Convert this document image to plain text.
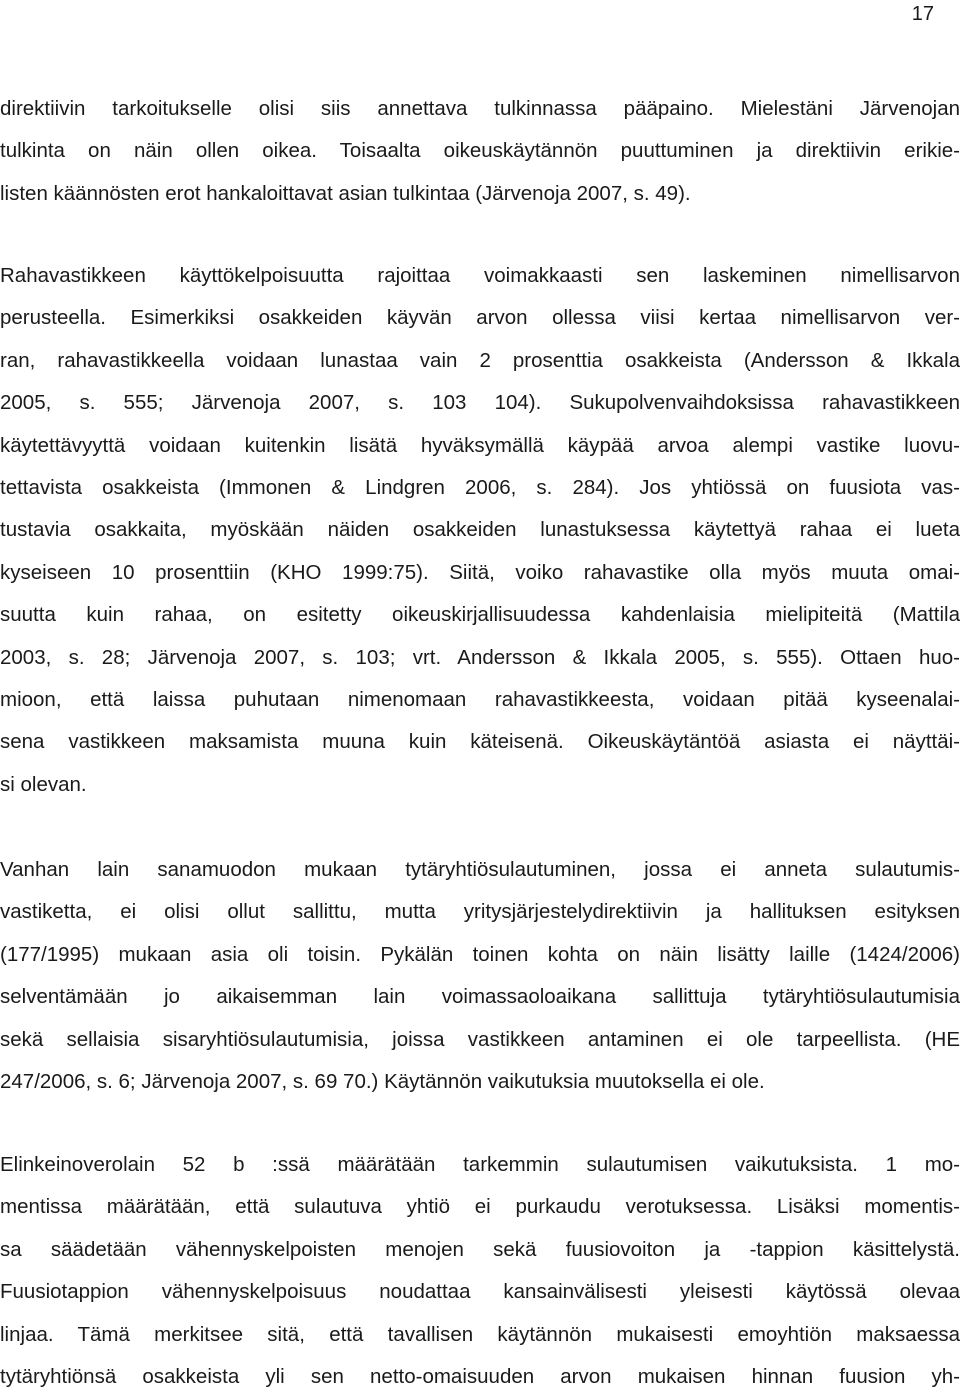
17
direktiivin tarkoitukselle olisi siis annettava tulkinnassa pääpaino. Mielestäni Järvenojan
tulkinta on näin ollen oikea. Toisaalta oikeuskäytännön puuttuminen ja direktiivin erikie-
listen käännösten erot hankaloittavat asian tulkintaa (Järvenoja 2007, s. 49).
Rahavastikkeen käyttökelpoisuutta rajoittaa voimakkaasti sen laskeminen nimellisarvon
perusteella. Esimerkiksi osakkeiden käyvän arvon ollessa viisi kertaa nimellisarvon ver-
ran, rahavastikkeella voidaan lunastaa vain 2 prosenttia osakkeista (Andersson & Ikkala
2005, s. 555; Järvenoja 2007, s. 103 104). Sukupolvenvaihdoksissa rahavastikkeen
käytettävyyttä voidaan kuitenkin lisätä hyväksymällä käypää arvoa alempi vastike luovu-
tettavista osakkeista (Immonen & Lindgren 2006, s. 284). Jos yhtiössä on fuusiota vas-
tustavia osakkaita, myöskään näiden osakkeiden lunastuksessa käytettyä rahaa ei lueta
kyseiseen 10 prosenttiin (KHO 1999:75). Siitä, voiko rahavastike olla myös muuta omai-
suutta kuin rahaa, on esitetty oikeuskirjallisuudessa kahdenlaisia mielipiteitä (Mattila
2003, s. 28; Järvenoja 2007, s. 103; vrt. Andersson & Ikkala 2005, s. 555). Ottaen huo-
mioon, että laissa puhutaan nimenomaan rahavastikkeesta, voidaan pitää kyseenalai-
sena vastikkeen maksamista muuna kuin käteisenä. Oikeuskäytäntöä asiasta ei näyttäi-
si olevan.
Vanhan lain sanamuodon mukaan tytäryhtiösulautuminen, jossa ei anneta sulautumis-
vastiketta, ei olisi ollut sallittu, mutta yritysjärjestelydirektiivin ja hallituksen esityksen
(177/1995) mukaan asia oli toisin. Pykälän toinen kohta on näin lisätty laille (1424/2006)
selventämään jo aikaisemman lain voimassaoloaikana sallittuja tytäryhtiösulautumisia
sekä sellaisia sisaryhtiösulautumisia, joissa vastikkeen antaminen ei ole tarpeellista. (HE
247/2006, s. 6; Järvenoja 2007, s. 69 70.) Käytännön vaikutuksia muutoksella ei ole.
Elinkeinoverolain 52 b :ssä määrätään tarkemmin sulautumisen vaikutuksista. 1 mo-
mentissa määrätään, että sulautuva yhtiö ei purkaudu verotuksessa. Lisäksi momentis-
sa säädetään vähennyskelpoisten menojen sekä fuusiovoiton ja -tappion käsittelystä.
Fuusiotappion vähennyskelpoisuus noudattaa kansainvälisesti yleisesti käytössä olevaa
linjaa. Tämä merkitsee sitä, että tavallisen käytännön mukaisesti emoyhtiön maksaessa
tytäryhtiönsä osakkeista yli sen netto-omaisuuden arvon mukaisen hinnan fuusion yh-
